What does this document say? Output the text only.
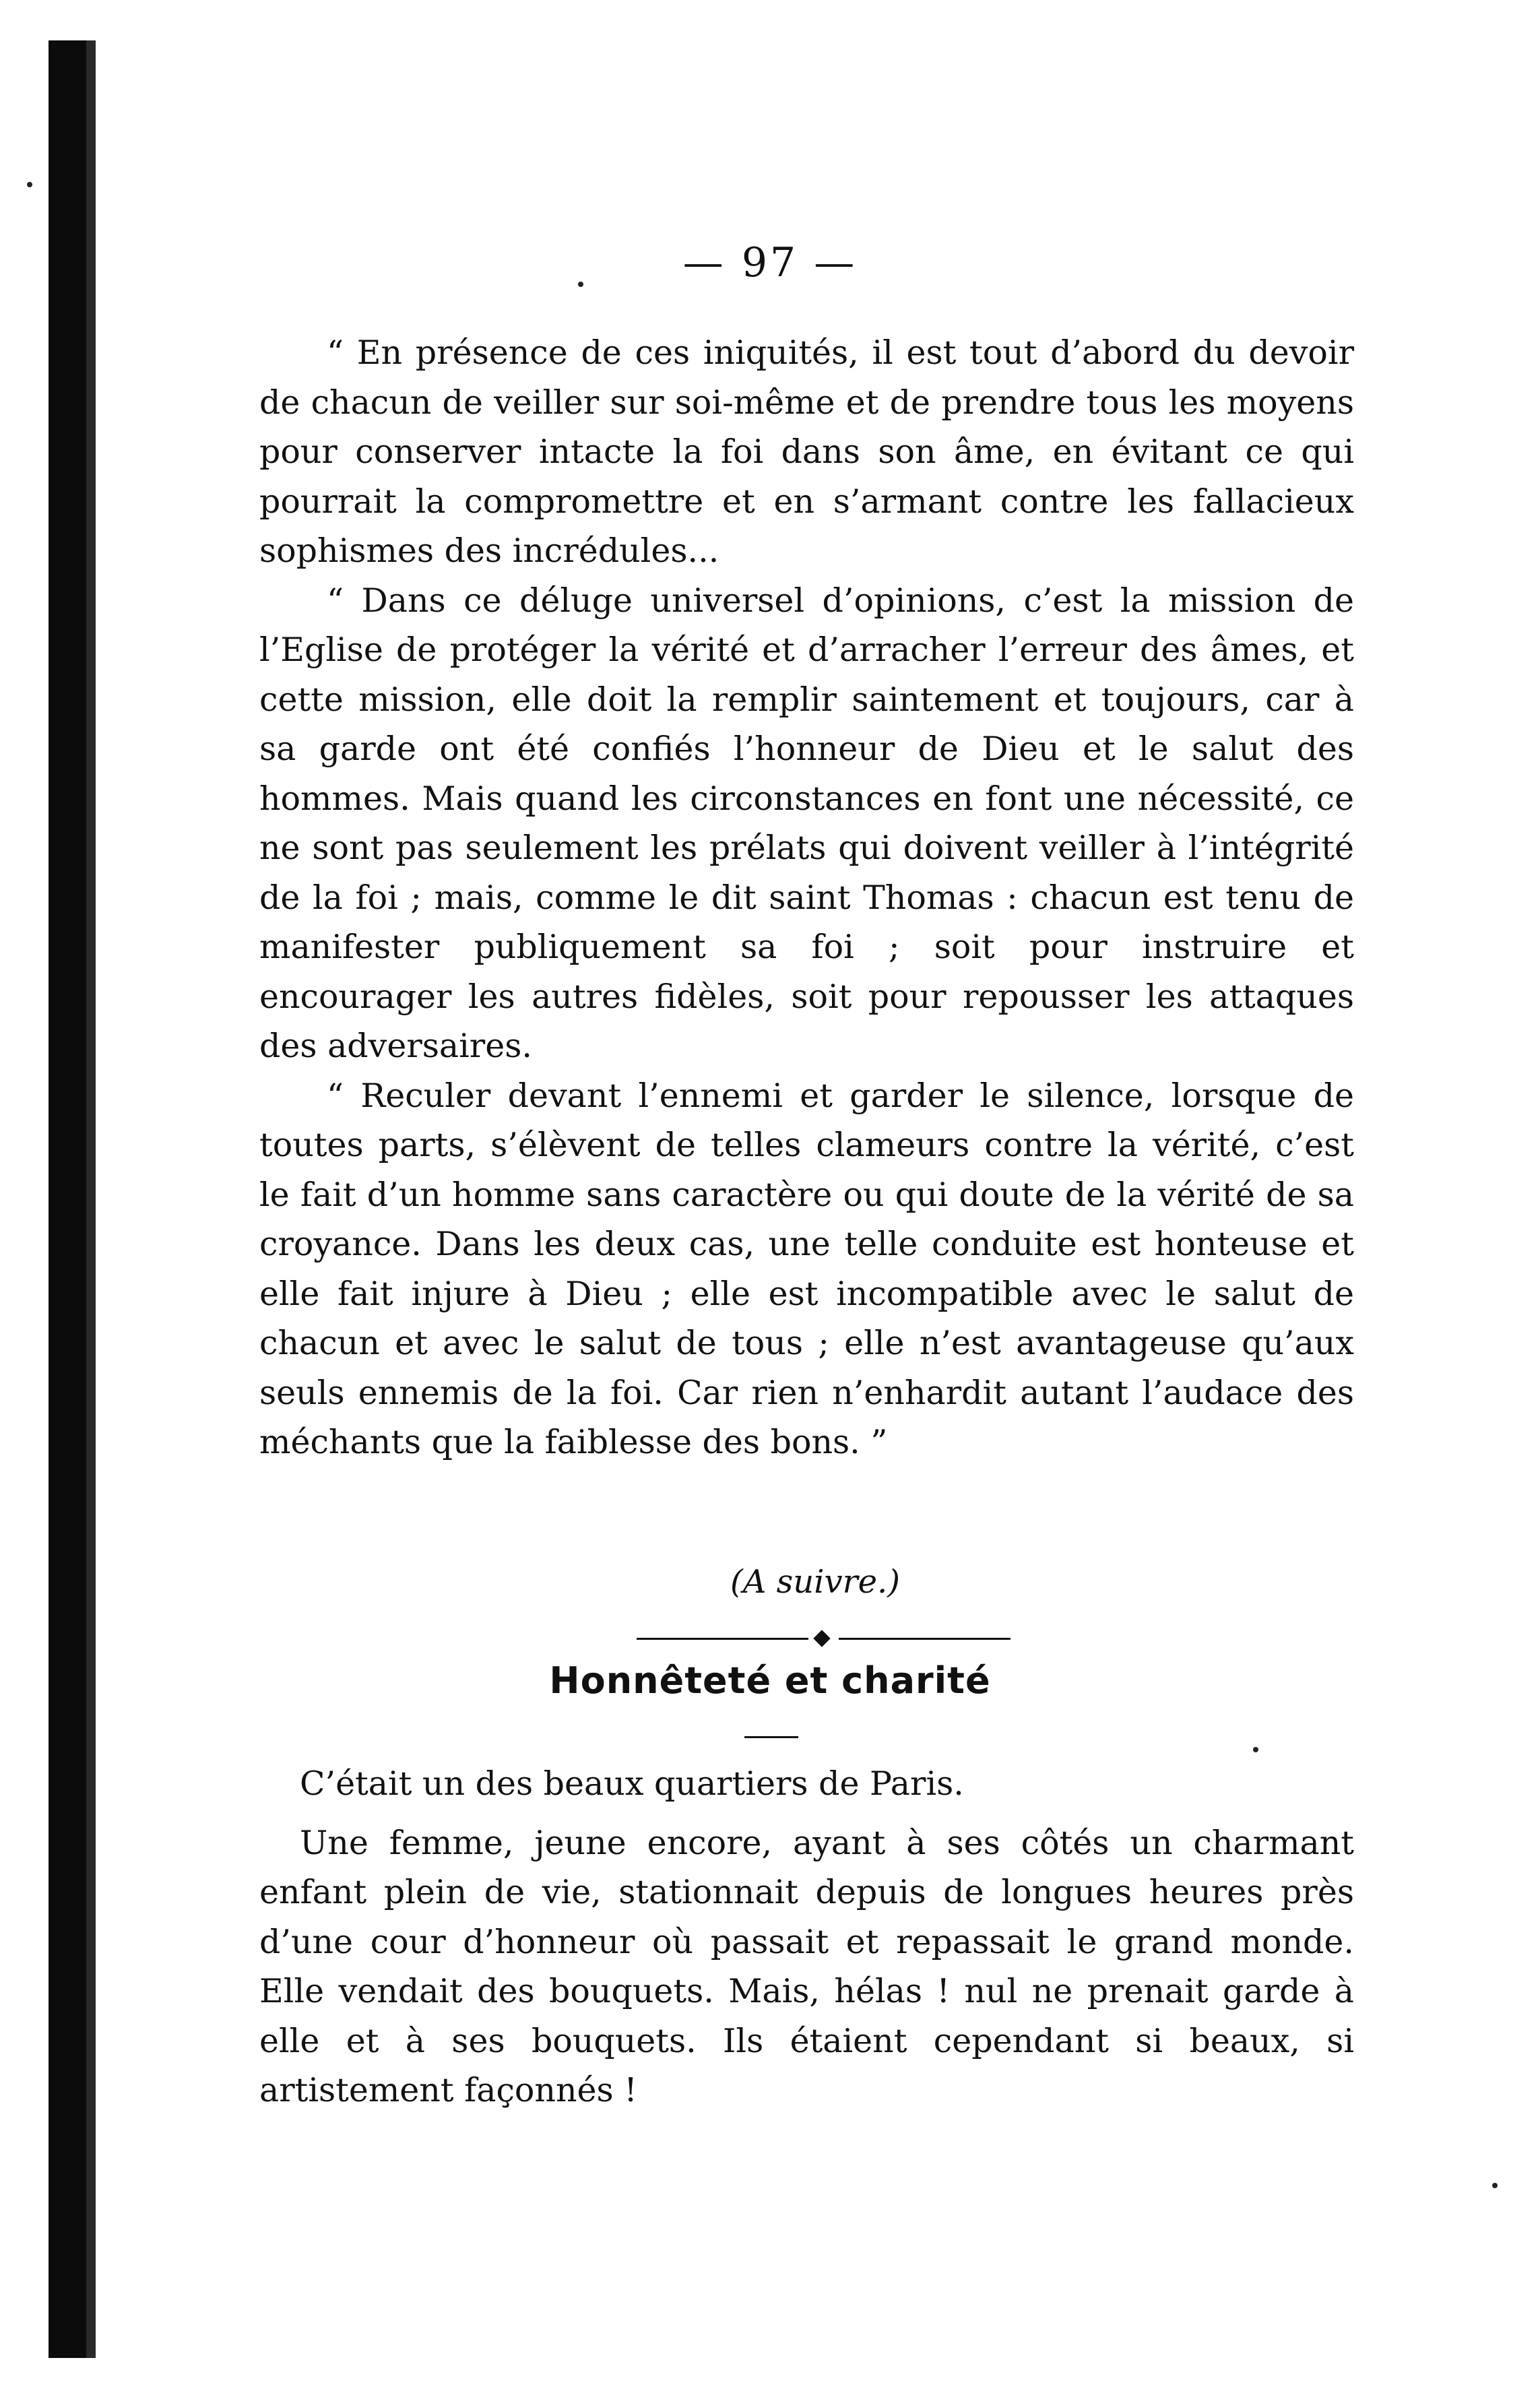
— 97 —

“ En présence de ces iniquités, il est tout d’abord du devoir de chacun de veiller sur soi-même et de prendre tous les moyens pour conserver intacte la foi dans son âme, en évitant ce qui pourrait la compromettre et en s’armant contre les fallacieux sophismes des incrédules...

“ Dans ce déluge universel d’opinions, c’est la mission de l’Eglise de protéger la vérité et d’arracher l’erreur des âmes, et cette mission, elle doit la remplir saintement et toujours, car à sa garde ont été confiés l’honneur de Dieu et le salut des hommes. Mais quand les circonstances en font une nécessité, ce ne sont pas seulement les prélats qui doivent veiller à l’intégrité de la foi ; mais, comme le dit saint Thomas : chacun est tenu de manifester publiquement sa foi ; soit pour instruire et encourager les autres fidèles, soit pour repousser les attaques des adversaires.

“ Reculer devant l’ennemi et garder le silence, lorsque de toutes parts, s’élèvent de telles clameurs contre la vérité, c’est le fait d’un homme sans caractère ou qui doute de la vérité de sa croyance. Dans les deux cas, une telle conduite est honteuse et elle fait injure à Dieu ; elle est incompatible avec le salut de chacun et avec le salut de tous ; elle n’est avantageuse qu’aux seuls ennemis de la foi. Car rien n’enhardit autant l’audace des méchants que la faiblesse des bons. ”

(A suivre.)
Honnêteté et charité

C’était un des beaux quartiers de Paris.

Une femme, jeune encore, ayant à ses côtés un charmant enfant plein de vie, stationnait depuis de longues heures près d’une cour d’honneur où passait et repassait le grand monde. Elle vendait des bouquets. Mais, hélas ! nul ne prenait garde à elle et à ses bouquets. Ils étaient cependant si beaux, si artistement façonnés !
